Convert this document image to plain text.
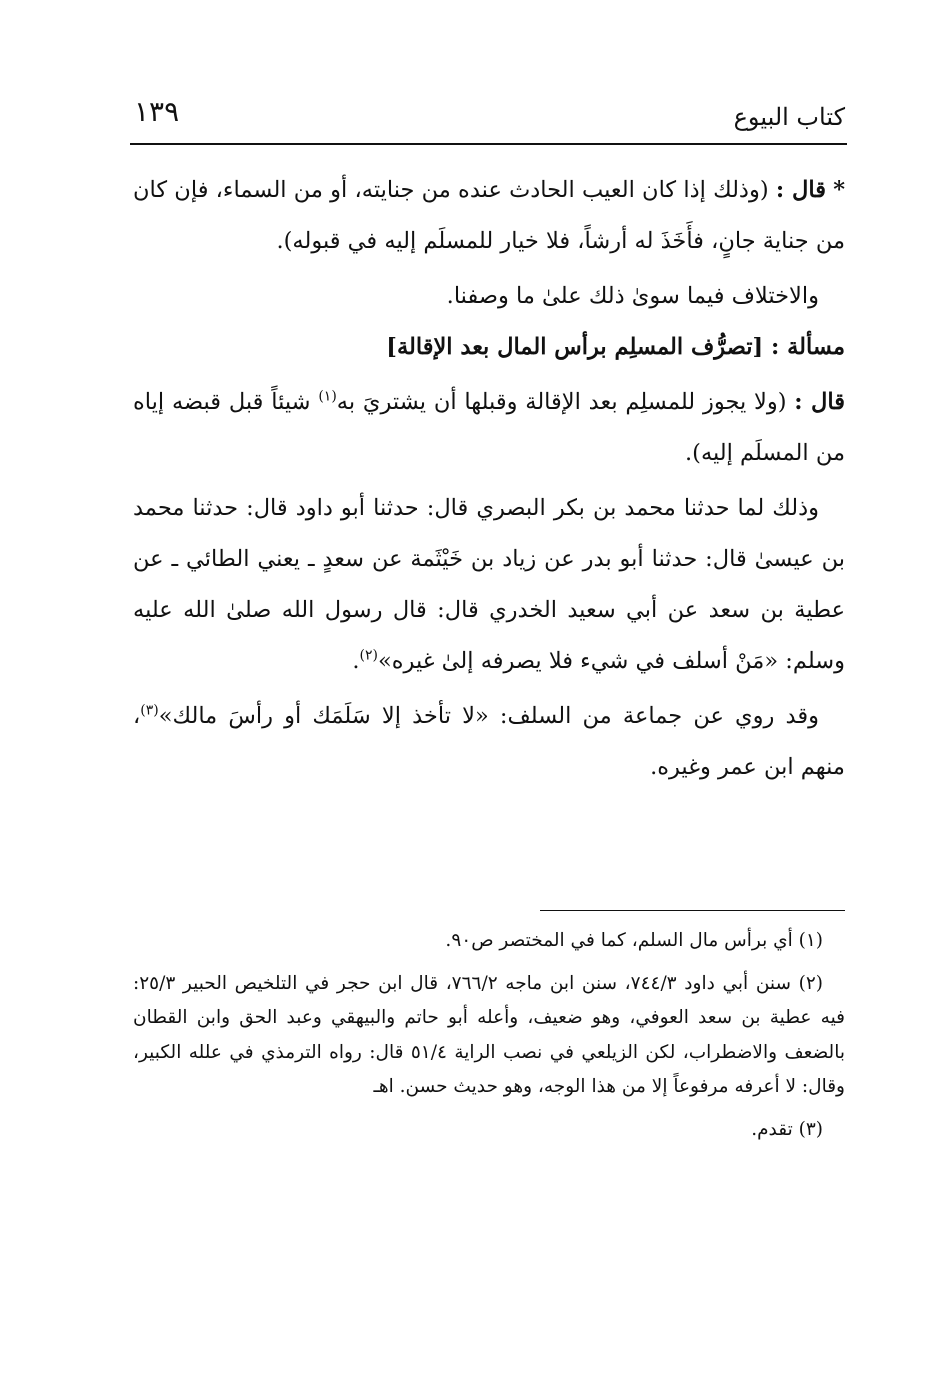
كتاب البيوع
١٣٩

* قال : (وذلك إذا كان العيب الحادث عنده من جنايته، أو من السماء، فإن كان من جناية جانٍ، فأَخَذَ له أرشاً، فلا خيار للمسلَم إليه في قبوله).

والاختلاف فيما سوىٰ ذلك علىٰ ما وصفنا.

مسألة : [تصرُّف المسلِم برأس المال بعد الإقالة]

قال : (ولا يجوز للمسلِم بعد الإقالة وقبلها أن يشتريَ به$^{(١)}$ شيئاً قبل قبضه إياه من المسلَم إليه).

وذلك لما حدثنا محمد بن بكر البصري قال: حدثنا أبو داود قال: حدثنا محمد بن عيسىٰ قال: حدثنا أبو بدر عن زياد بن خَيْثَمة عن سعدٍ ـ يعني الطائي ـ عن عطية بن سعد عن أبي سعيد الخدري قال: قال رسول الله صلىٰ الله عليه وسلم: «مَنْ أسلف في شيء فلا يصرفه إلىٰ غيره»$^{(٢)}$.

وقد روي عن جماعة من السلف: «لا تأخذ إلا سَلَمَك أو رأسَ مالك»$^{(٣)}$، منهم ابن عمر وغيره.

(١) أي برأس مال السلم، كما في المختصر ص٩٠.

(٢) سنن أبي داود ٧٤٤/٣، سنن ابن ماجه ٧٦٦/٢، قال ابن حجر في التلخيص الحبير ٢٥/٣: فيه عطية بن سعد العوفي، وهو ضعيف، وأعله أبو حاتم والبيهقي وعبد الحق وابن القطان بالضعف والاضطراب، لكن الزيلعي في نصب الراية ٥١/٤ قال: رواه الترمذي في علله الكبير، وقال: لا أعرفه مرفوعاً إلا من هذا الوجه، وهو حديث حسن. اهـ

(٣) تقدم.
